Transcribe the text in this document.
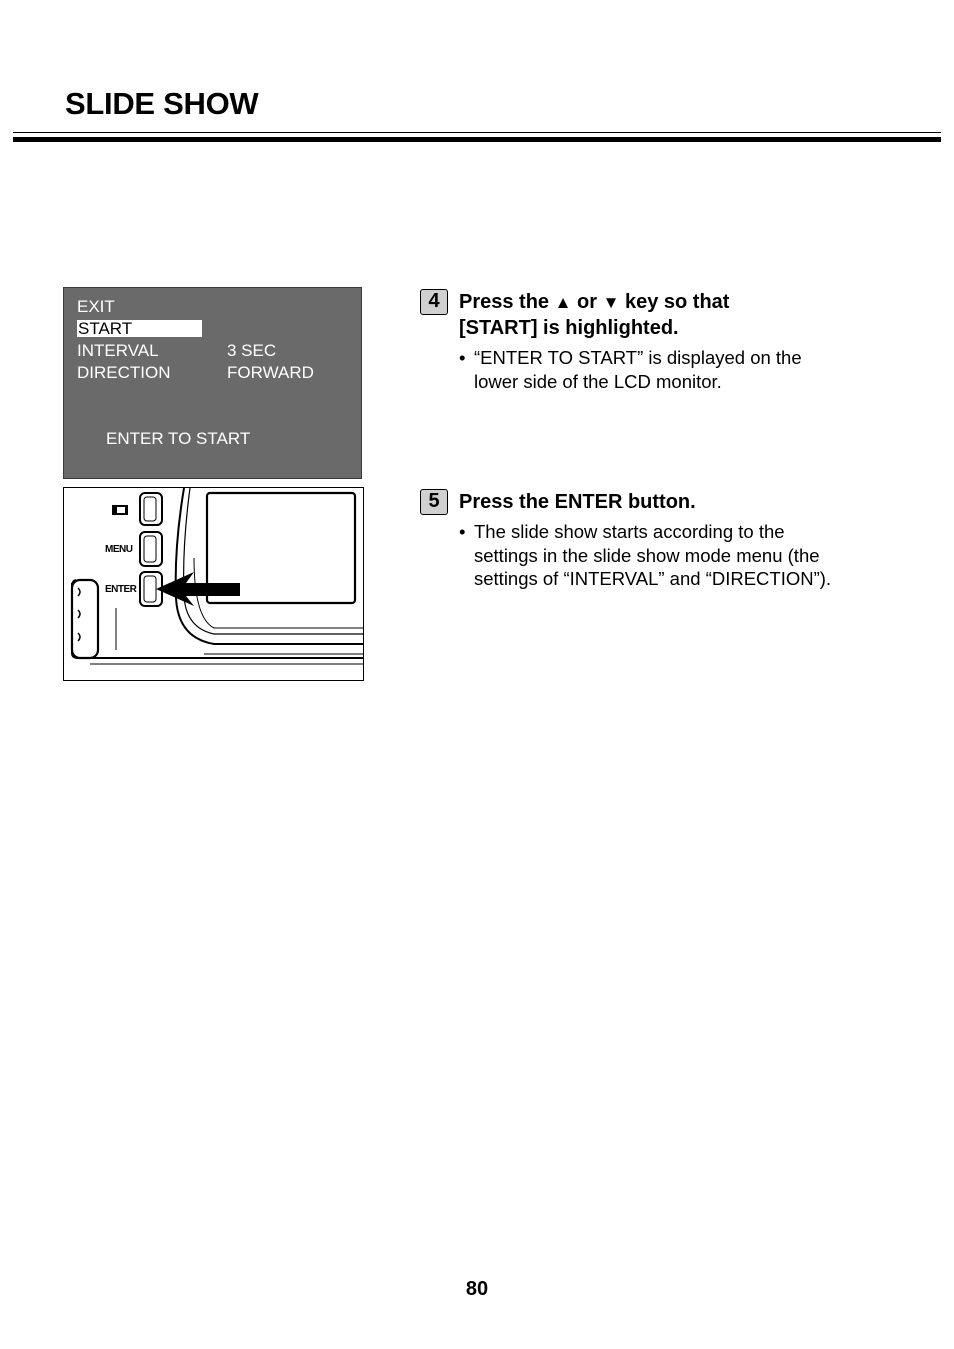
SLIDE SHOW
EXIT
START
INTERVAL	3 SEC
DIRECTION	FORWARD
ENTER TO START
MENU
ENTER
4 Press the ▲ or ▼ key so that
[START] is highlighted.
• “ENTER TO START” is displayed on the
lower side of the LCD monitor.
5 Press the ENTER button.
• The slide show starts according to the
settings in the slide show mode menu (the
settings of “INTERVAL” and “DIRECTION”).
80
